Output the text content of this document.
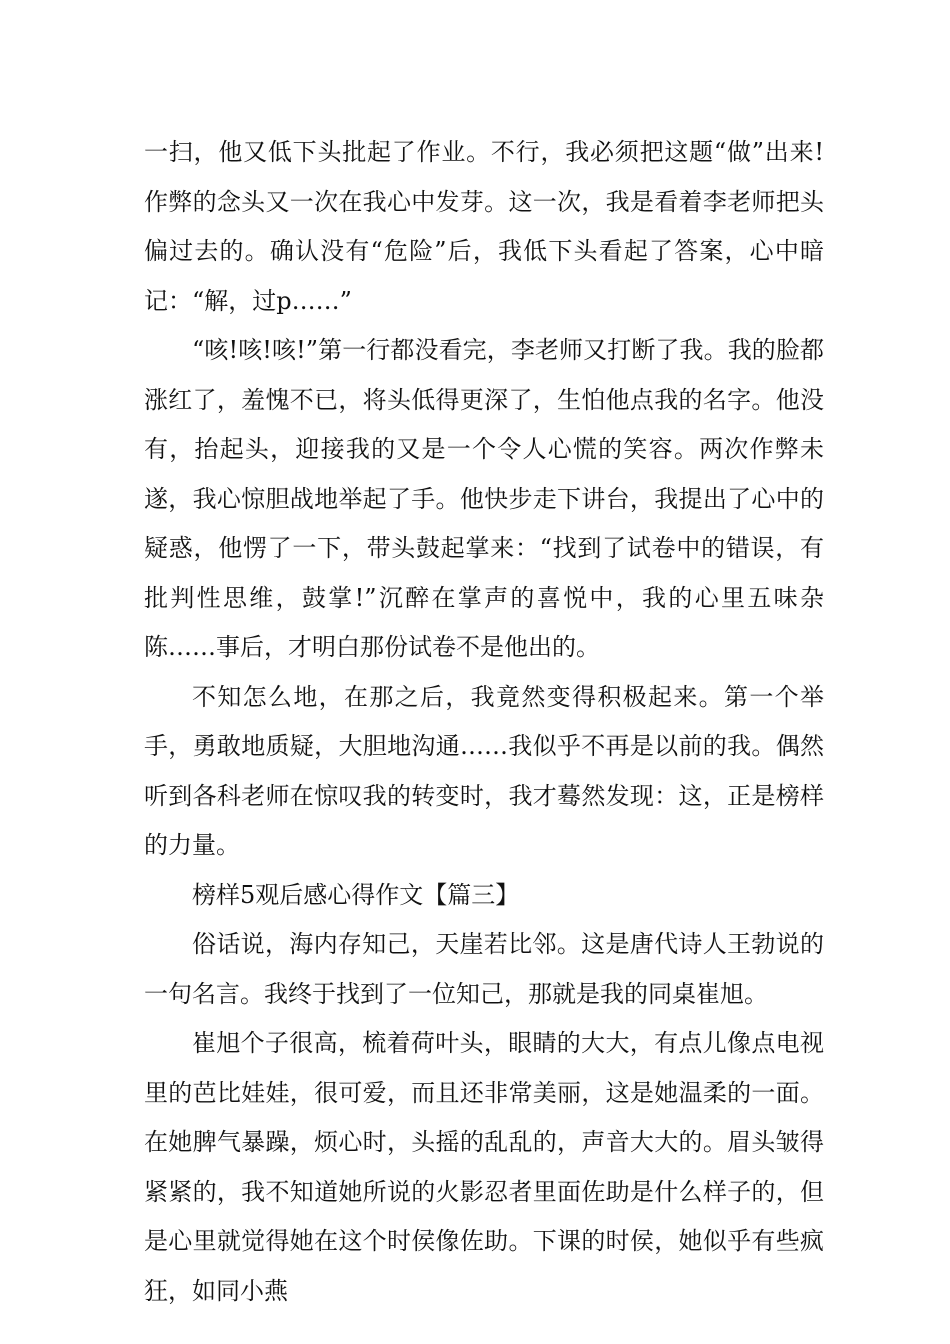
一扫，他又低下头批起了作业。不行，我必须把这题“做”出来!作弊的念头又一次在我心中发芽。这一次，我是看着李老师把头偏过去的。确认没有“危险”后，我低下头看起了答案，心中暗记：“解，过p……”

“咳!咳!咳!”第一行都没看完，李老师又打断了我。我的脸都涨红了，羞愧不已，将头低得更深了，生怕他点我的名字。他没有，抬起头，迎接我的又是一个令人心慌的笑容。两次作弊未遂，我心惊胆战地举起了手。他快步走下讲台，我提出了心中的疑惑，他愣了一下，带头鼓起掌来：“找到了试卷中的错误，有批判性思维，鼓掌!”沉醉在掌声的喜悦中，我的心里五味杂陈……事后，才明白那份试卷不是他出的。

不知怎么地，在那之后，我竟然变得积极起来。第一个举手，勇敢地质疑，大胆地沟通……我似乎不再是以前的我。偶然听到各科老师在惊叹我的转变时，我才蓦然发现：这，正是榜样的力量。

榜样5观后感心得作文【篇三】

俗话说，海内存知己，天崖若比邻。这是唐代诗人王勃说的一句名言。我终于找到了一位知己，那就是我的同桌崔旭。

崔旭个子很高，梳着荷叶头，眼睛的大大，有点儿像点电视里的芭比娃娃，很可爱，而且还非常美丽，这是她温柔的一面。在她脾气暴躁，烦心时，头摇的乱乱的，声音大大的。眉头皱得紧紧的，我不知道她所说的火影忍者里面佐助是什么样子的，但是心里就觉得她在这个时侯像佐助。下课的时侯，她似乎有些疯狂，如同小燕
